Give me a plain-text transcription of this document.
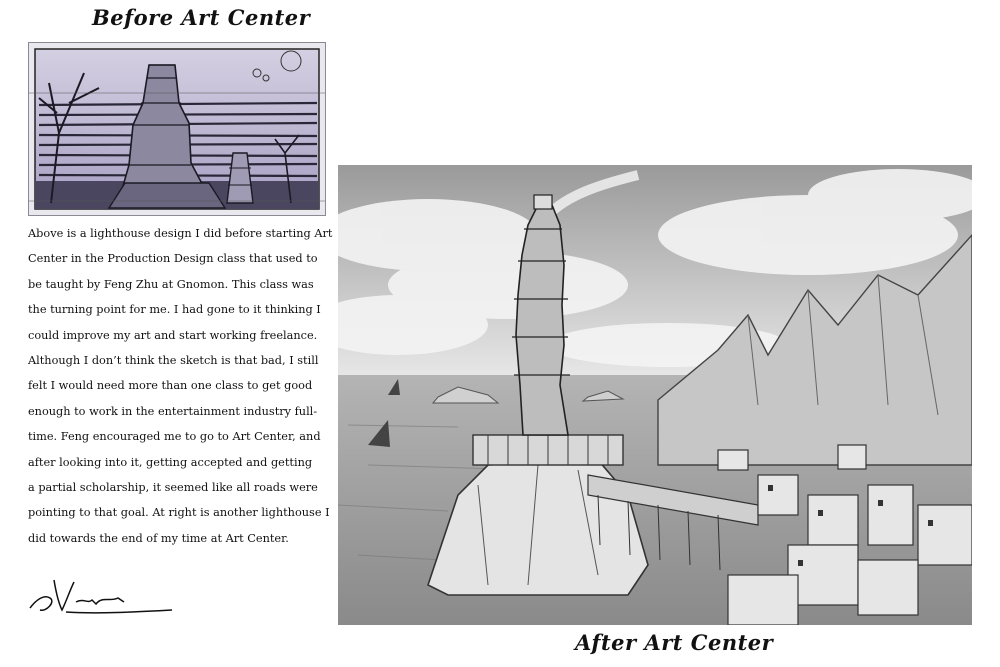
Before Art Center
Above is a lighthouse design I did before starting Art
Center in the Production Design class that used to
be taught by Feng Zhu at Gnomon. This class was
the turning point for me. I had gone to it thinking I
could improve my art and start working freelance.
Although I don’t think the sketch is that bad, I still
felt I would need more than one class to get good
enough to work in the entertainment industry full-
time. Feng encouraged me to go to Art Center, and
after looking into it, getting accepted and getting
a partial scholarship, it seemed like all roads were
pointing to that goal. At right is another lighthouse I
did towards the end of my time at Art Center.
After Art Center
